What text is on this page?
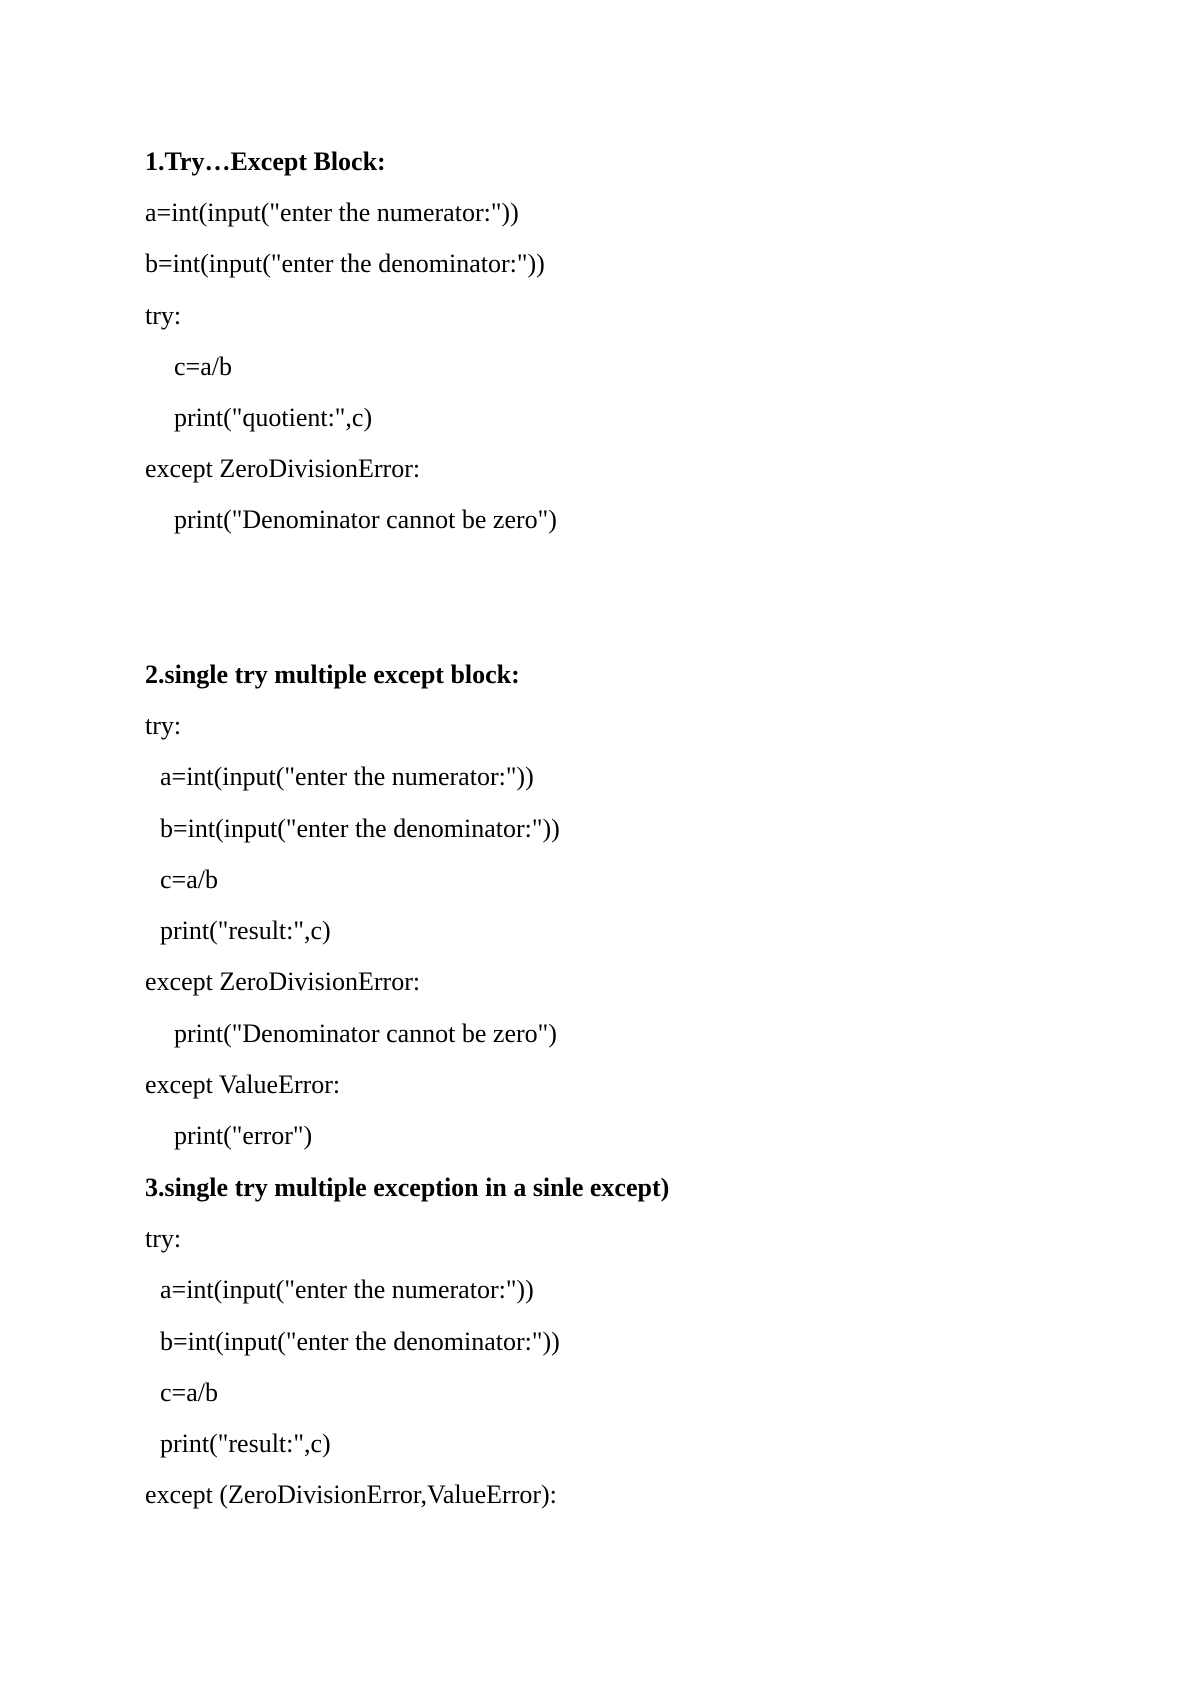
1.Try…Except Block:
a=int(input("enter the numerator:"))
b=int(input("enter the denominator:"))
try:
c=a/b
print("quotient:",c)
except ZeroDivisionError:
print("Denominator cannot be zero")
2.single try multiple except block:
try:
a=int(input("enter the numerator:"))
b=int(input("enter the denominator:"))
c=a/b
print("result:",c)
except ZeroDivisionError:
print("Denominator cannot be zero")
except ValueError:
print("error")
3.single try multiple exception in a sinle except)
try:
a=int(input("enter the numerator:"))
b=int(input("enter the denominator:"))
c=a/b
print("result:",c)
except (ZeroDivisionError,ValueError):
